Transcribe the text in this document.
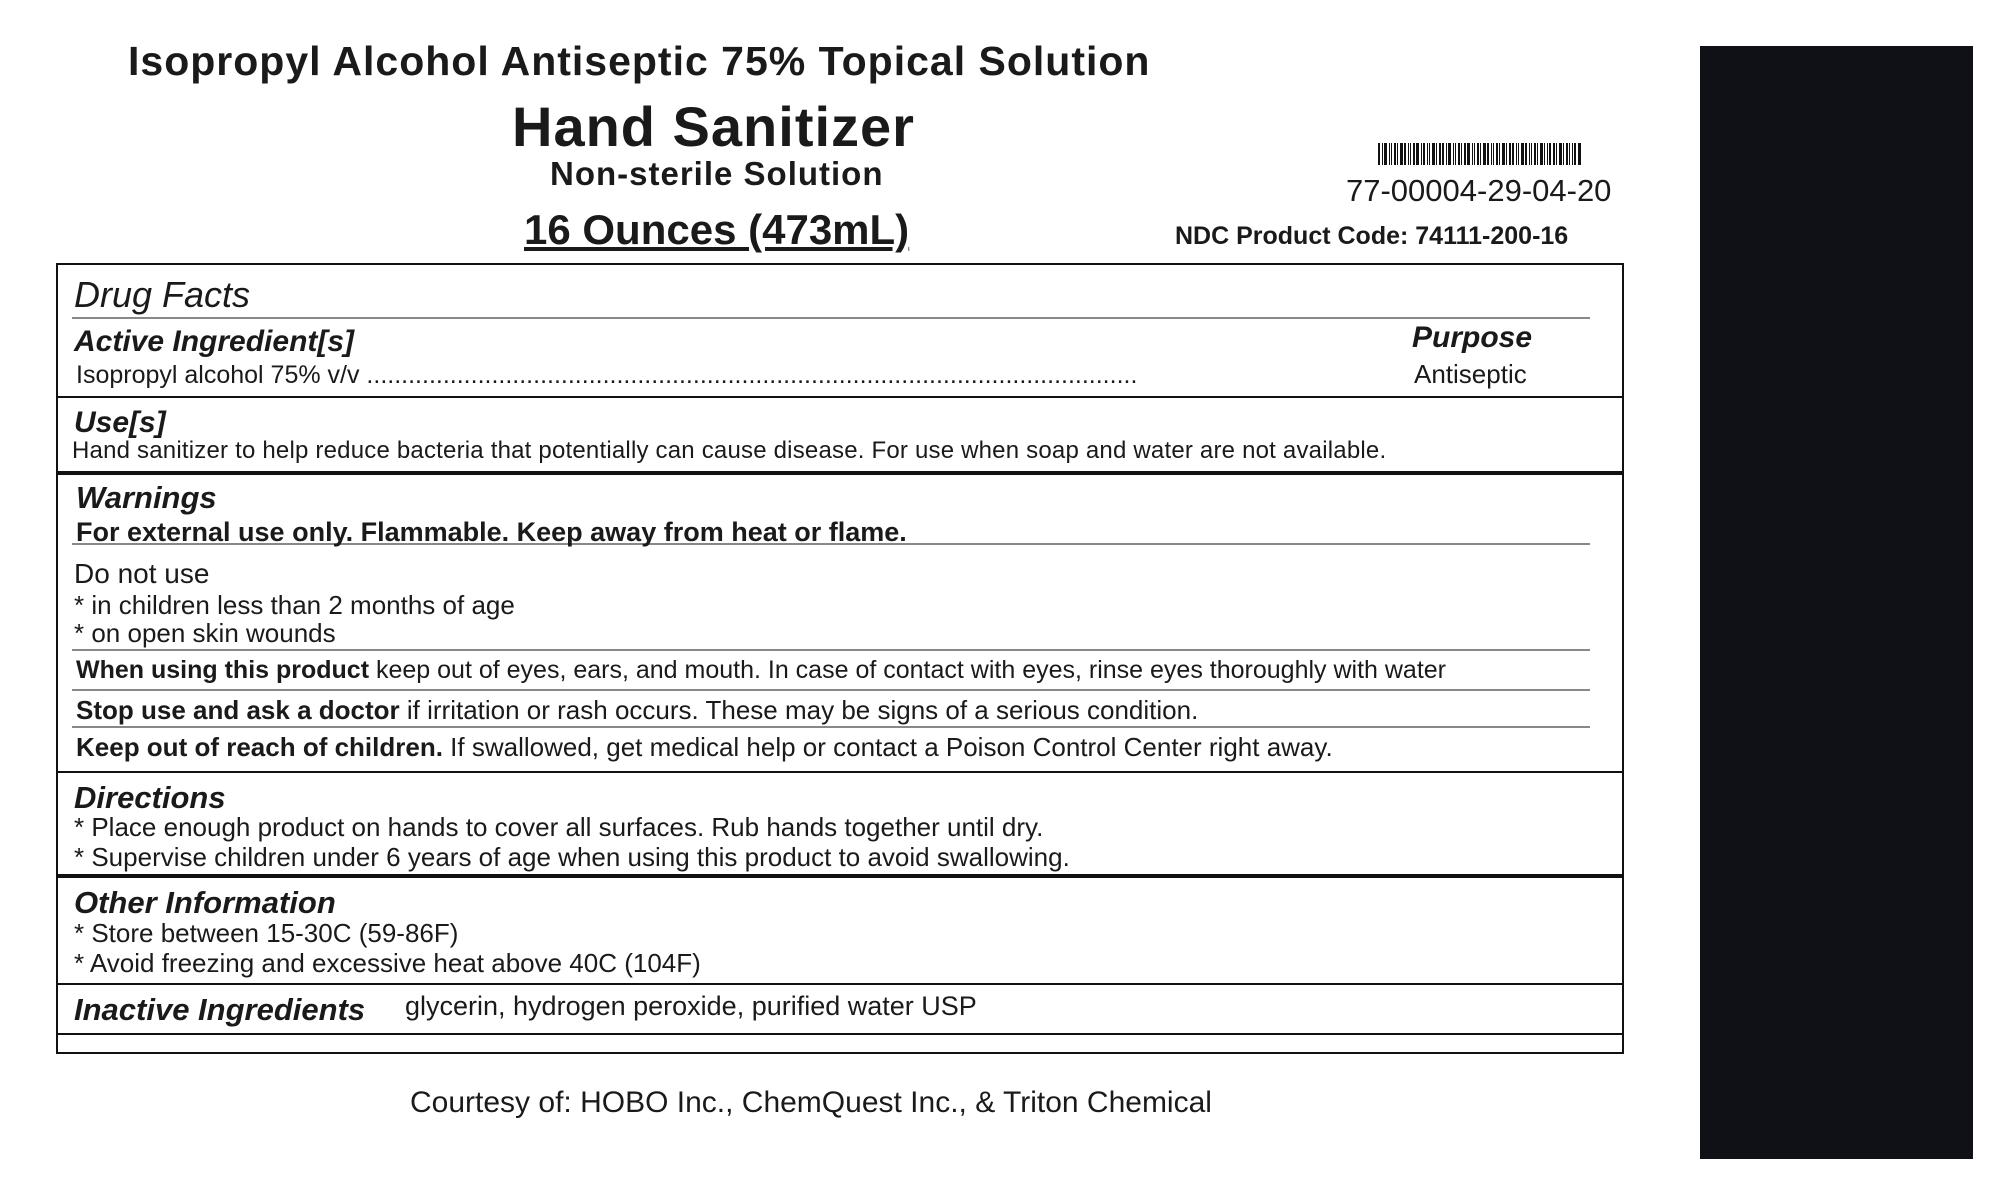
Isopropyl Alcohol Antiseptic 75% Topical Solution
Hand Sanitizer
Non-sterile Solution
16 Ounces (473mL)
77-00004-29-04-20
NDC Product Code: 74111-200-16
Drug Facts
Active Ingredient[s]	Purpose
Isopropyl alcohol 75% v/v ...............................................................................................................	Antiseptic
Use[s]
Hand sanitizer to help reduce bacteria that potentially can cause disease. For use when soap and water are not available.
Warnings
For external use only. Flammable. Keep away from heat or flame.
Do not use
* in children less than 2 months of age
* on open skin wounds
When using this product keep out of eyes, ears, and mouth. In case of contact with eyes, rinse eyes thoroughly with water
Stop use and ask a doctor if irritation or rash occurs. These may be signs of a serious condition.
Keep out of reach of children. If swallowed, get medical help or contact a Poison Control Center right away.
Directions
* Place enough product on hands to cover all surfaces. Rub hands together until dry.
* Supervise children under 6 years of age when using this product to avoid swallowing.
Other Information
* Store between 15-30C (59-86F)
* Avoid freezing and excessive heat above 40C (104F)
Inactive Ingredients glycerin, hydrogen peroxide, purified water USP
Courtesy of: HOBO Inc., ChemQuest Inc., & Triton Chemical
